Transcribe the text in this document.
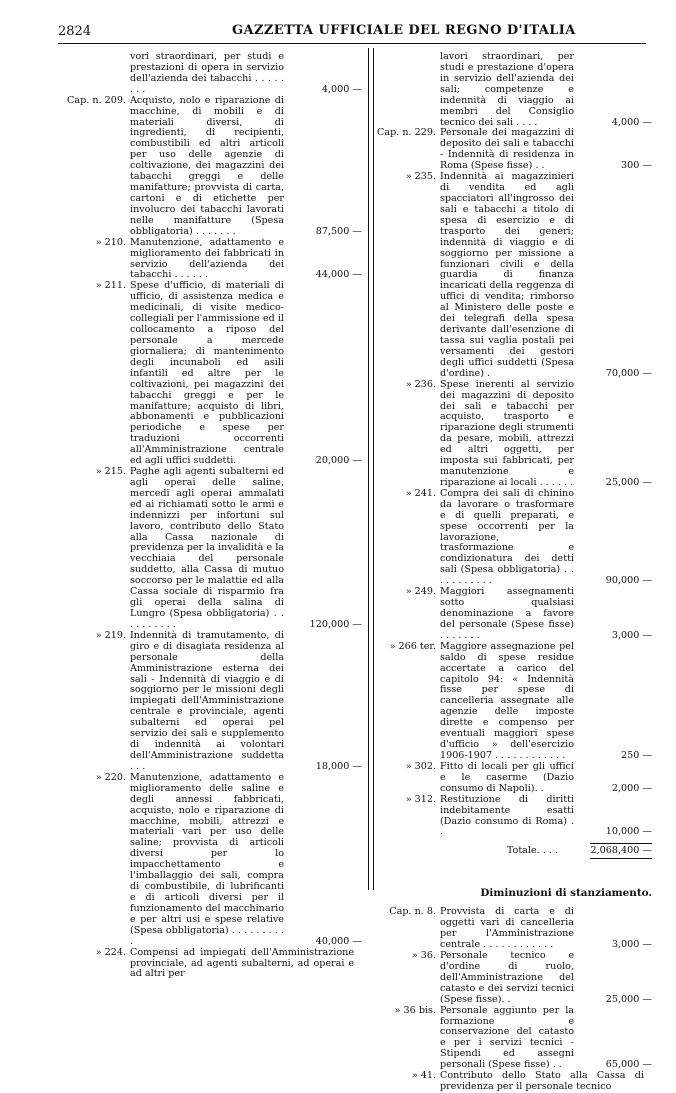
2824	GAZZETTA UFFICIALE DEL REGNO D'ITALIA
vori straordinari, per studi e prestazioni di opera in servizio dell'azienda dei tabacchi . . . . . . . .	4,000 —
Cap. n. 209. Acquisto, nolo e riparazione di macchine, di mobili e di materiali diversi, di ingredienti, di recipienti, combustibili ed altri articoli per uso delle agenzie di coltivazione, dei magazzini dei tabacchi greggi e delle manifatture; provvista di carta, cartoni e di etichette per involucro dei tabacchi lavorati nelle manifatture (Spesa obbligatoria) . . . . . . .	87,500 —
» 210. Manutenzione, adattamento e miglioramento dei fabbricati in servizio dell'azienda dei tabacchi . . . . . .	44,000 —
» 211. Spese d'ufficio, di materiali di ufficio, di assistenza medica e medicinali, di visite medico-collegiali per l'ammissione ed il collocamento a riposo del personale a mercede giornaliera; di mantenimento degli incunaboli ed asili infantili ed altre per le coltivazioni, pei magazzini dei tabacchi greggi e per le manifatture; acquisto di libri, abbonamenti e pubblicazioni periodiche e spese per traduzioni occorrenti all'Amministrazione centrale ed agli uffici suddetti.	20,000 —
» 215. Paghe agli agenti subalterni ed agli operai delle saline, mercedi agli operai ammalati ed ai richiamati sotto le armi e indennizzi per infortuni sul lavoro, contributo dello Stato alla Cassa nazionale di previdenza per la invalidità e la vecchiaia del personale suddetto, alla Cassa di mutuo soccorso per le malattie ed alla Cassa sociale di risparmio fra gli operai della salina di Lungro (Spesa obbligatoria) . . . . . . . . . .	120,000 —
» 219. Indennità di tramutamento, di giro e di disagiata residenza al personale della Amministrazione esterna dei sali - Indennità di viaggio e di soggiorno per le missioni degli impiegati dell'Amministrazione centrale e provinciale, agenti subalterni ed operai pel servizio dei sali e supplemento di indennità ai volontari dell'Amministrazione suddetta . . .	18,000 —
» 220. Manutenzione, adattamento e miglioramento delle saline e degli annessi fabbricati, acquisto, nolo e riparazione di macchine, mobili, attrezzi e materiali vari per uso delle saline; provvista di articoli diversi per lo impacchettamento e l'imballaggio dei sali, compra di combustibile, di lubrificanti e di articoli diversi per il funzionamento del macchinario e per altri usi e spese relative (Spesa obbligatoria) . . . . . . . . . .	40,000 —
» 224. Compensi ad impiegati dell'Amministrazione provinciale, ad agenti subalterni, ad operai e ad altri per
lavori straordinari, per studi e prestazione d'opera in servizio dell'azienda dei sali; competenze e indennità di viaggio ai membri del Consiglio tecnico dei sali . . . .	4,000 —
Cap. n. 229. Personale dei magazzini di deposito dei sali e tabacchi - Indennità di residenza in Roma (Spese fisse) . .	300 —
» 235. Indennità ai magazzinieri di vendita ed agli spacciatori all'ingrosso dei sali e tabacchi a titolo di spesa di esercizio e di trasporto dei generi; indennità di viaggio e di soggiorno per missione a funzionari civili e della guardia di finanza incaricati della reggenza di uffici di vendita; rimborso al Ministero delle poste e dei telegrafi della spesa derivante dall'esenzione di tassa sui vaglia postali pei versamenti dei gestori degli uffici suddetti (Spesa d'ordine) .	70,000 —
» 236. Spese inerenti al servizio dei magazzini di deposito dei sali e tabacchi per acquisto, trasporto e riparazione degli strumenti da pesare, mobili, attrezzi ed altri oggetti, per imposta sui fabbricati, per manutenzione e riparazione ai locali . . . . . .	25,000 —
» 241. Compra dei sali di chinino da lavorare o trasformare e di quelli preparati, e spese occorrenti per la lavorazione, trasformazione e condizionatura dei detti sali (Spesa obbligatoria) . . . . . . . . . . .	90,000 —
» 249. Maggiori assegnamenti sotto qualsiasi denominazione a favore del personale (Spese fisse) . . . . . . .	3,000 —
» 266 ter. Maggiore assegnazione pel saldo di spese residue accertate a carico del capitolo 94: « Indennità fisse per spese di cancelleria assegnate alle agenzie delle imposte dirette e compenso per eventuali maggiori spese d'ufficio » dell'esercizio 1906-1907 . . . . . . . . . . . .	250 —
» 302. Fitto di locali per gli uffici e le caserme (Dazio consumo di Napoli). .	2,000 —
» 312. Restituzione di diritti indebitamente esatti (Dazio consumo di Roma) . .	10,000 —
Totale. . . .	2,068,400 —
Diminuzioni di stanziamento.
Cap. n. 8. Provvista di carta e di oggetti vari di cancelleria per l'Amministrazione centrale . . . . . . . . . . . .	3,000 —
» 36. Personale tecnico e d'ordine di ruolo, dell'Amministrazione del catasto e dei servizi tecnici (Spese fisse). .	25,000 —
» 36 bis. Personale aggiunto per la formazione e conservazione del catasto e per i servizi tecnici - Stipendi ed assegni personali (Spese fisse) . .	65,000 —
» 41. Contributo dello Stato alla Cassa di previdenza per il personale tecnico
